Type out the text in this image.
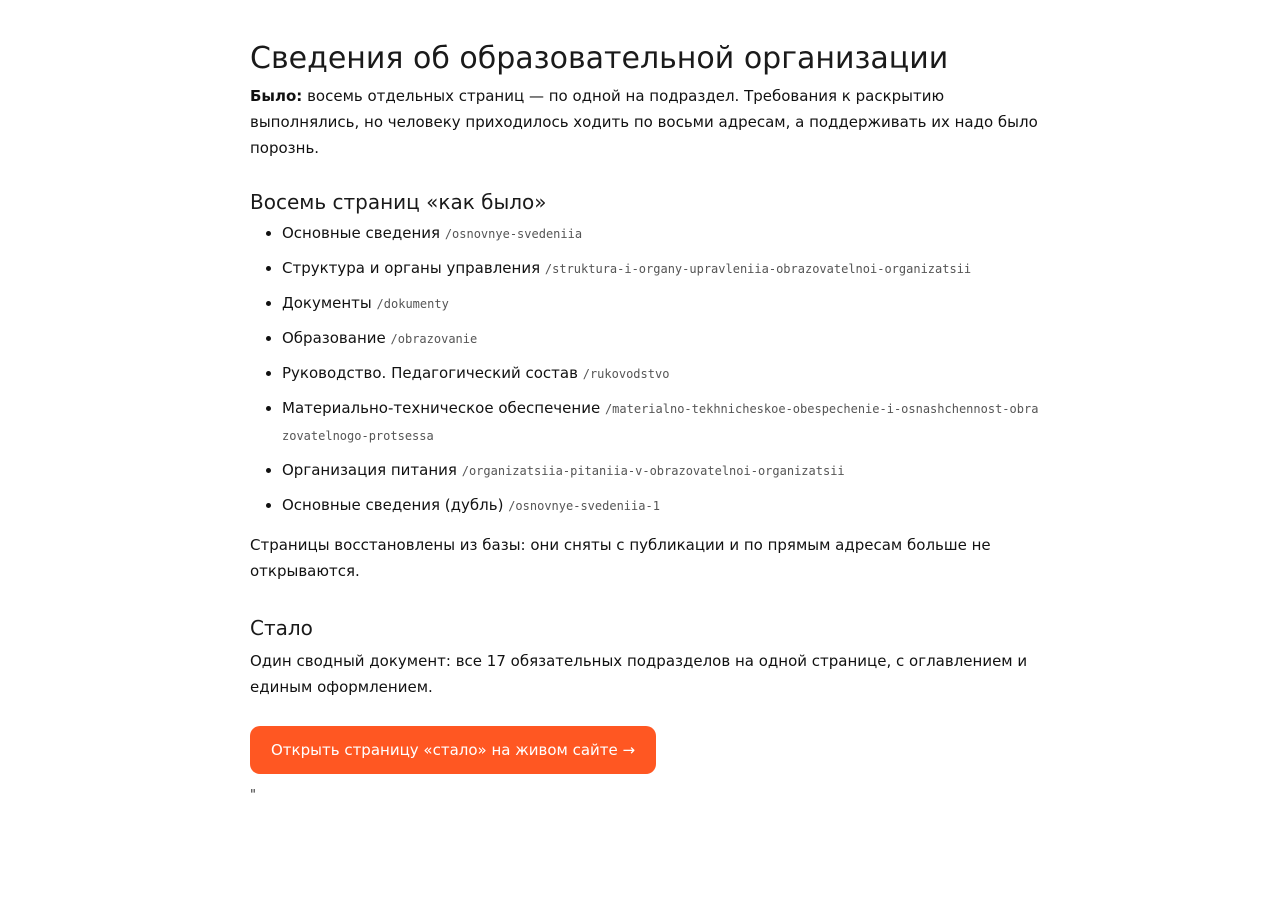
Сведения об образовательной организации

Было: восемь отдельных страниц — по одной на подраздел. Требования к раскрытию выполнялись, но человеку приходилось ходить по восьми адресам, а поддерживать их надо было порознь.

Восемь страниц «как было»
• Основные сведения /osnovnye-svedeniia
• Структура и органы управления /struktura-i-organy-upravleniia-obrazovatelnoi-organizatsii
• Документы /dokumenty
• Образование /obrazovanie
• Руководство. Педагогический состав /rukovodstvo
• Материально-техническое обеспечение /materialno-tekhnicheskoe-obespechenie-i-osnashchennost-obrazovatelnogo-protsessa
• Организация питания /organizatsiia-pitaniia-v-obrazovatelnoi-organizatsii
• Основные сведения (дубль) /osnovnye-svedeniia-1

Страницы восстановлены из базы: они сняты с публикации и по прямым адресам больше не открываются.

Стало

Один сводный документ: все 17 обязательных подразделов на одной странице, с оглавлением и единым оформлением.

Открыть страницу «стало» на живом сайте →
"
